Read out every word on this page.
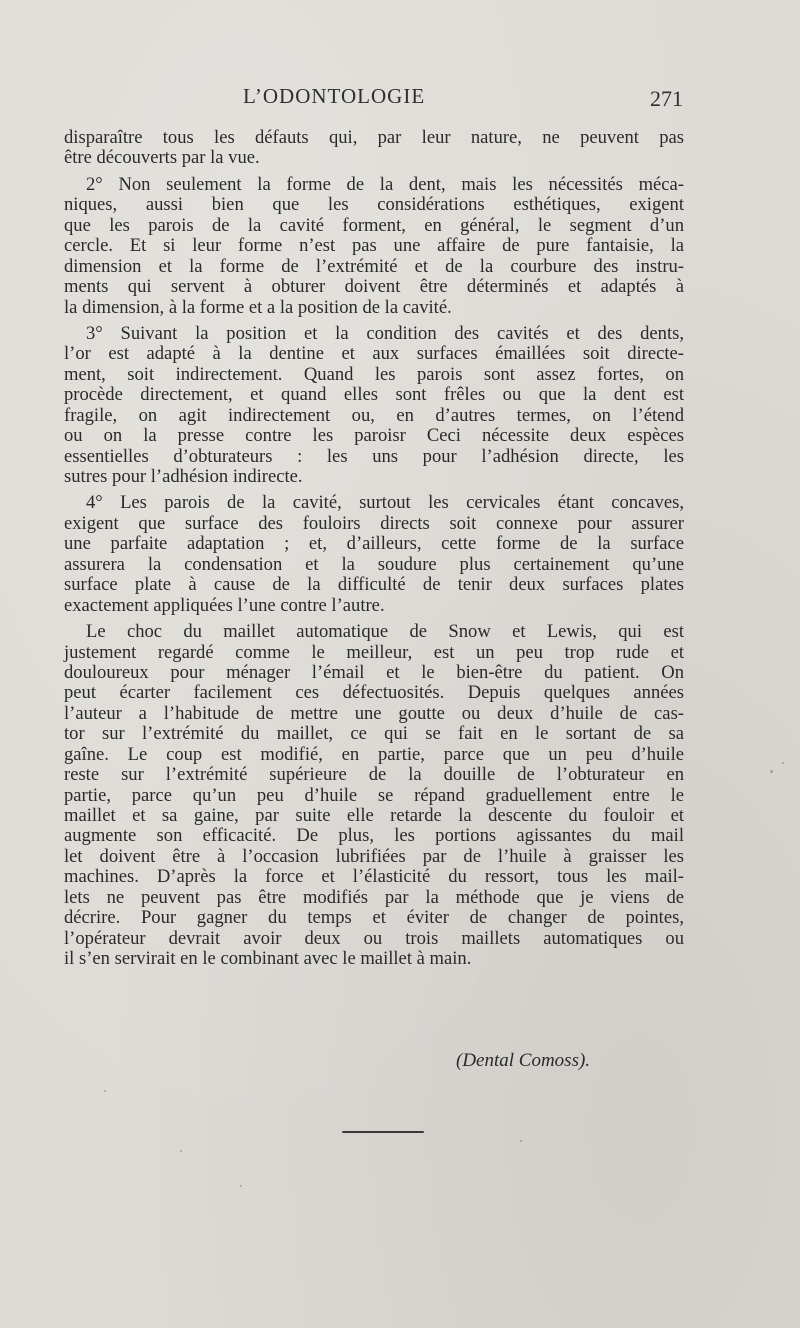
L’ODONTOLOGIE	271
disparaître tous les défauts qui, par leur nature, ne peuvent pas
être découverts par la vue.
2° Non seulement la forme de la dent, mais les nécessités méca-
niques, aussi bien que les considérations esthétiques, exigent
que les parois de la cavité forment, en général, le segment d’un
cercle. Et si leur forme n’est pas une affaire de pure fantaisie, la
dimension et la forme de l’extrémité et de la courbure des instru-
ments qui servent à obturer doivent être déterminés et adaptés à
la dimension, à la forme et a la position de la cavité.
3° Suivant la position et la condition des cavités et des dents,
l’or est adapté à la dentine et aux surfaces émaillées soit directe-
ment, soit indirectement. Quand les parois sont assez fortes, on
procède directement, et quand elles sont frêles ou que la dent est
fragile, on agit indirectement ou, en d’autres termes, on l’étend
ou on la presse contre les paroisr Ceci nécessite deux espèces
essentielles d’obturateurs : les uns pour l’adhésion directe, les
sutres pour l’adhésion indirecte.
4° Les parois de la cavité, surtout les cervicales étant concaves,
exigent que surface des fouloirs directs soit connexe pour assurer
une parfaite adaptation ; et, d’ailleurs, cette forme de la surface
assurera la condensation et la soudure plus certainement qu’une
surface plate à cause de la difficulté de tenir deux surfaces plates
exactement appliquées l’une contre l’autre.
Le choc du maillet automatique de Snow et Lewis, qui est
justement regardé comme le meilleur, est un peu trop rude et
douloureux pour ménager l’émail et le bien-être du patient. On
peut écarter facilement ces défectuosités. Depuis quelques années
l’auteur a l’habitude de mettre une goutte ou deux d’huile de cas-
tor sur l’extrémité du maillet, ce qui se fait en le sortant de sa
gaîne. Le coup est modifié, en partie, parce que un peu d’huile
reste sur l’extrémité supérieure de la douille de l’obturateur en
partie, parce qu’un peu d’huile se répand graduellement entre le
maillet et sa gaine, par suite elle retarde la descente du fouloir et
augmente son efficacité. De plus, les portions agissantes du mail
let doivent être à l’occasion lubrifiées par de l’huile à graisser les
machines. D’après la force et l’élasticité du ressort, tous les mail-
lets ne peuvent pas être modifiés par la méthode que je viens de
décrire. Pour gagner du temps et éviter de changer de pointes,
l’opérateur devrait avoir deux ou trois maillets automatiques ou
il s’en servirait en le combinant avec le maillet à main.
(Dental Comoss).
